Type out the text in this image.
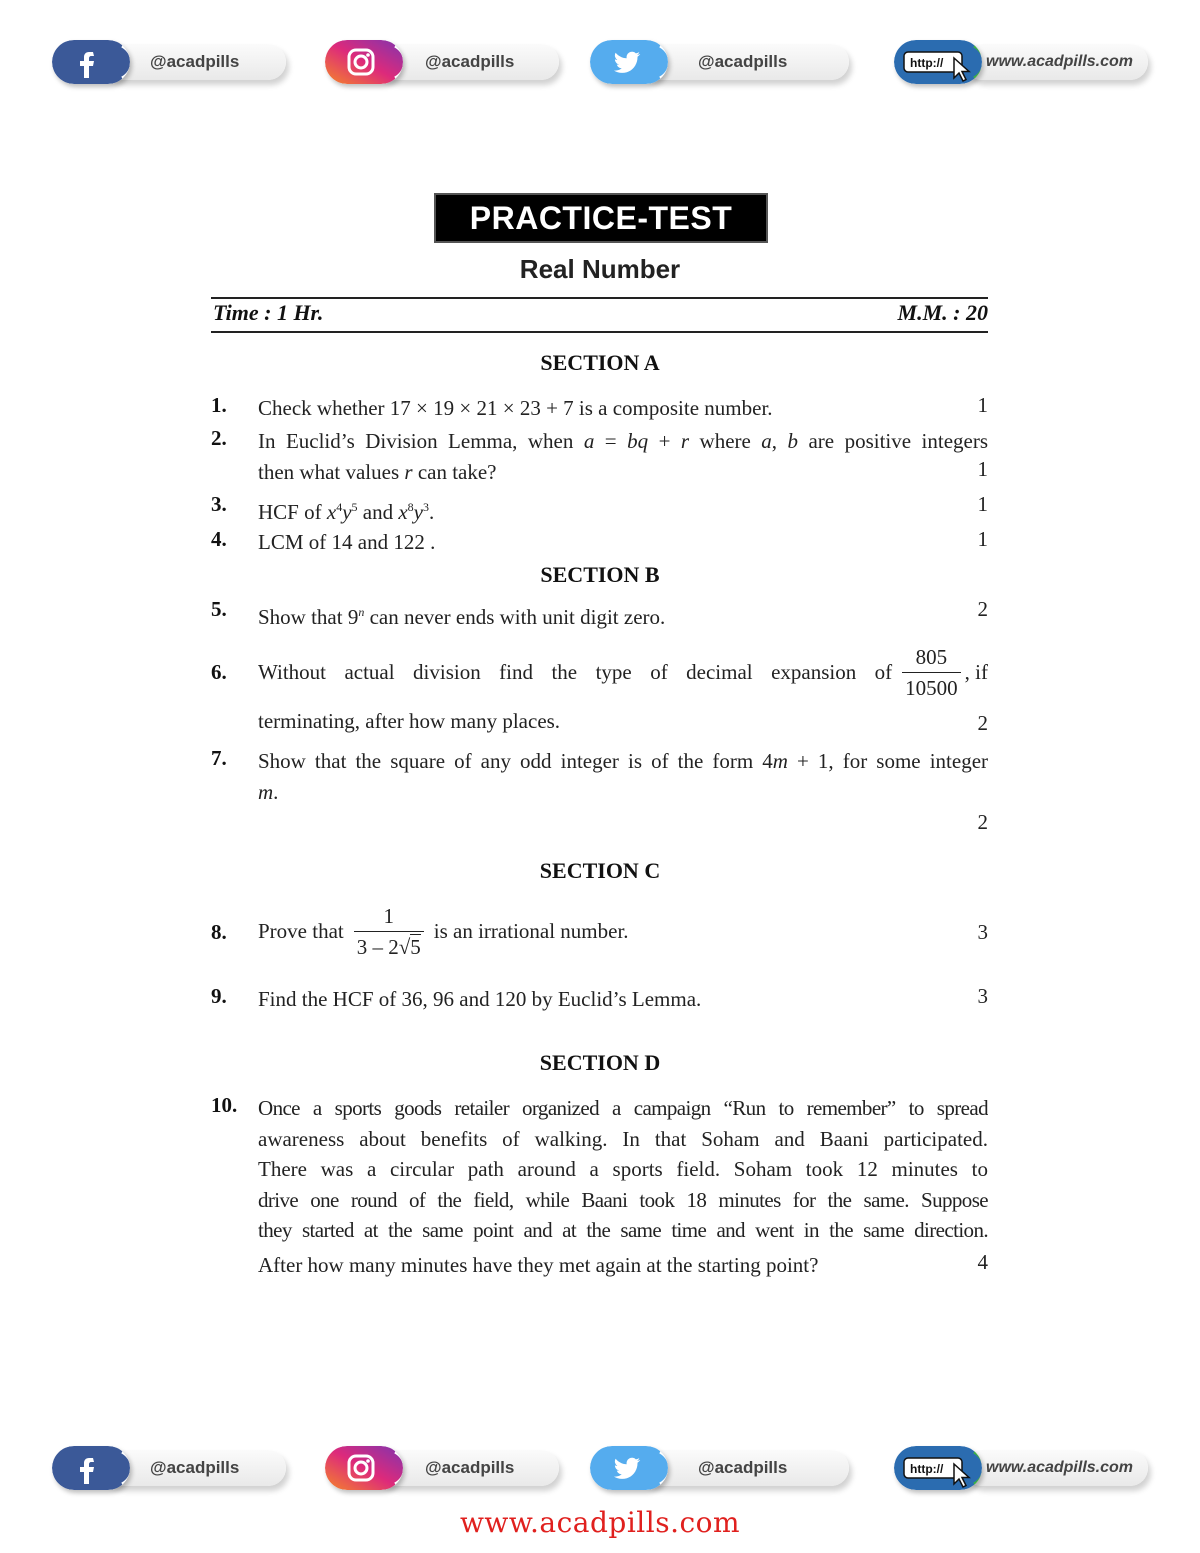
@acadpills	@acadpills	@acadpills	www.acadpills.com
http://
PRACTICE-TEST
Real Number
Time : 1 Hr.	M.M. : 20
SECTION A
1. Check whether 17 × 19 × 21 × 23 + 7 is a composite number.	1
2. In Euclid’s Division Lemma, when a = bq + r where a, b are positive integers
then what values r can take?	1
3. HCF of $x^4y^5$ and $x^8y^3$.	1
4. LCM of 14 and 122 .	1
SECTION B
5. Show that 9$^n$ can never ends with unit digit zero.	2
6. Without actual division find the type of decimal expansion of $\frac{805}{10500}$ , if
terminating, after how many places.	2
7. Show that the square of any odd integer is of the form 4m + 1, for some integer
m.
2
SECTION C
8. Prove that $\frac{1}{3 - 2√5}$ is an irrational number.	3
9. Find the HCF of 36, 96 and 120 by Euclid’s Lemma.	3
SECTION D
10. Once a sports goods retailer organized a campaign “Run to remember” to spread
awareness about benefits of walking. In that Soham and Baani participated.
There was a circular path around a sports field. Soham took 12 minutes to
drive one round of the field, while Baani took 18 minutes for the same. Suppose
they started at the same point and at the same time and went in the same direction.
After how many minutes have they met again at the starting point?	4
@acadpills	@acadpills	@acadpills	www.acadpills.com
http://
www.acadpills.com
